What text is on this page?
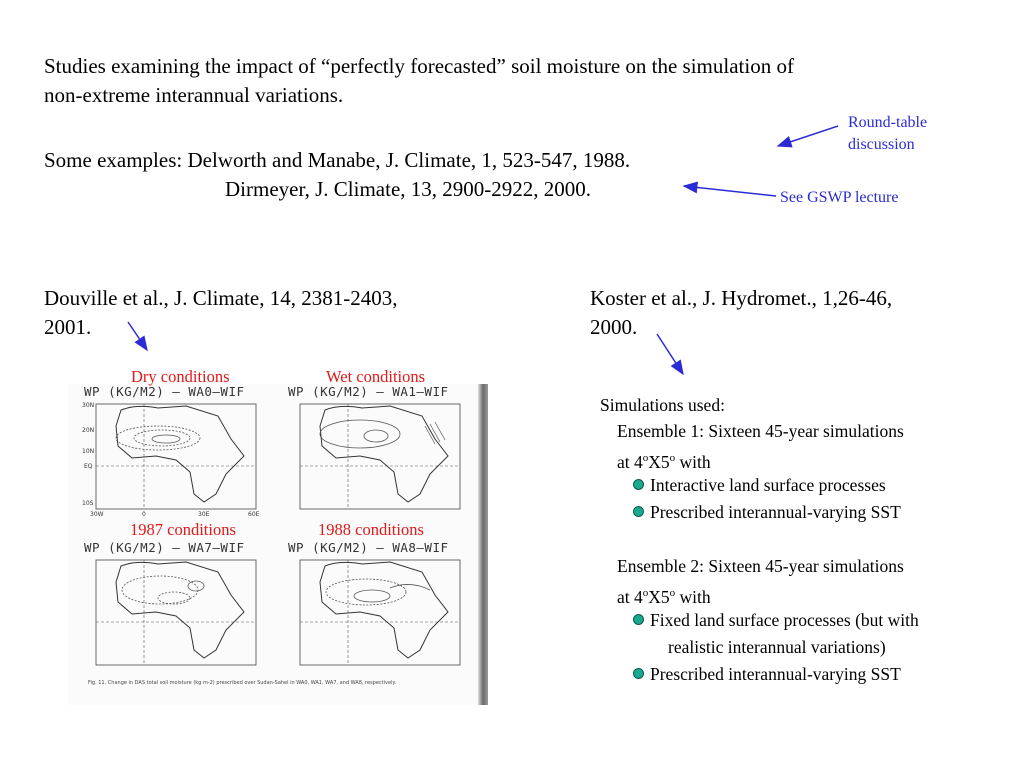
Studies examining the impact of “perfectly forecasted” soil moisture on the simulation of
non-extreme interannual variations.
Some examples: Delworth and Manabe, J. Climate, 1, 523-547, 1988.
Dirmeyer, J. Climate, 13, 2900-2922, 2000.
Round-table
discussion
See GSWP lecture
Douville et al., J. Climate, 14, 2381-2403,
2001.
Koster et al., J. Hydromet., 1,26-46,
2000.
WP (KG/M2) – WA0–WIF	WP (KG/M2) – WA1–WIF
WP (KG/M2) – WA7–WIF	WP (KG/M2) – WA8–WIF
30N
20N
10N
EQ
10S
30W	0	30E	60E
Fig. 11. Change in DAS total soil moisture (kg m-2) prescribed over Sudan-Sahel in WA0, WA1, WA7, and WA8, respectively.
Dry conditions	Wet conditions
1987 conditions	1988 conditions
Simulations used:
Ensemble 1: Sixteen 45-year simulations
at 4$^o$X5$^o$ with
Interactive land surface processes
Prescribed interannual-varying SST
Ensemble 2: Sixteen 45-year simulations
at 4$^o$X5$^o$ with
Fixed land surface processes (but with
realistic interannual variations)
Prescribed interannual-varying SST
